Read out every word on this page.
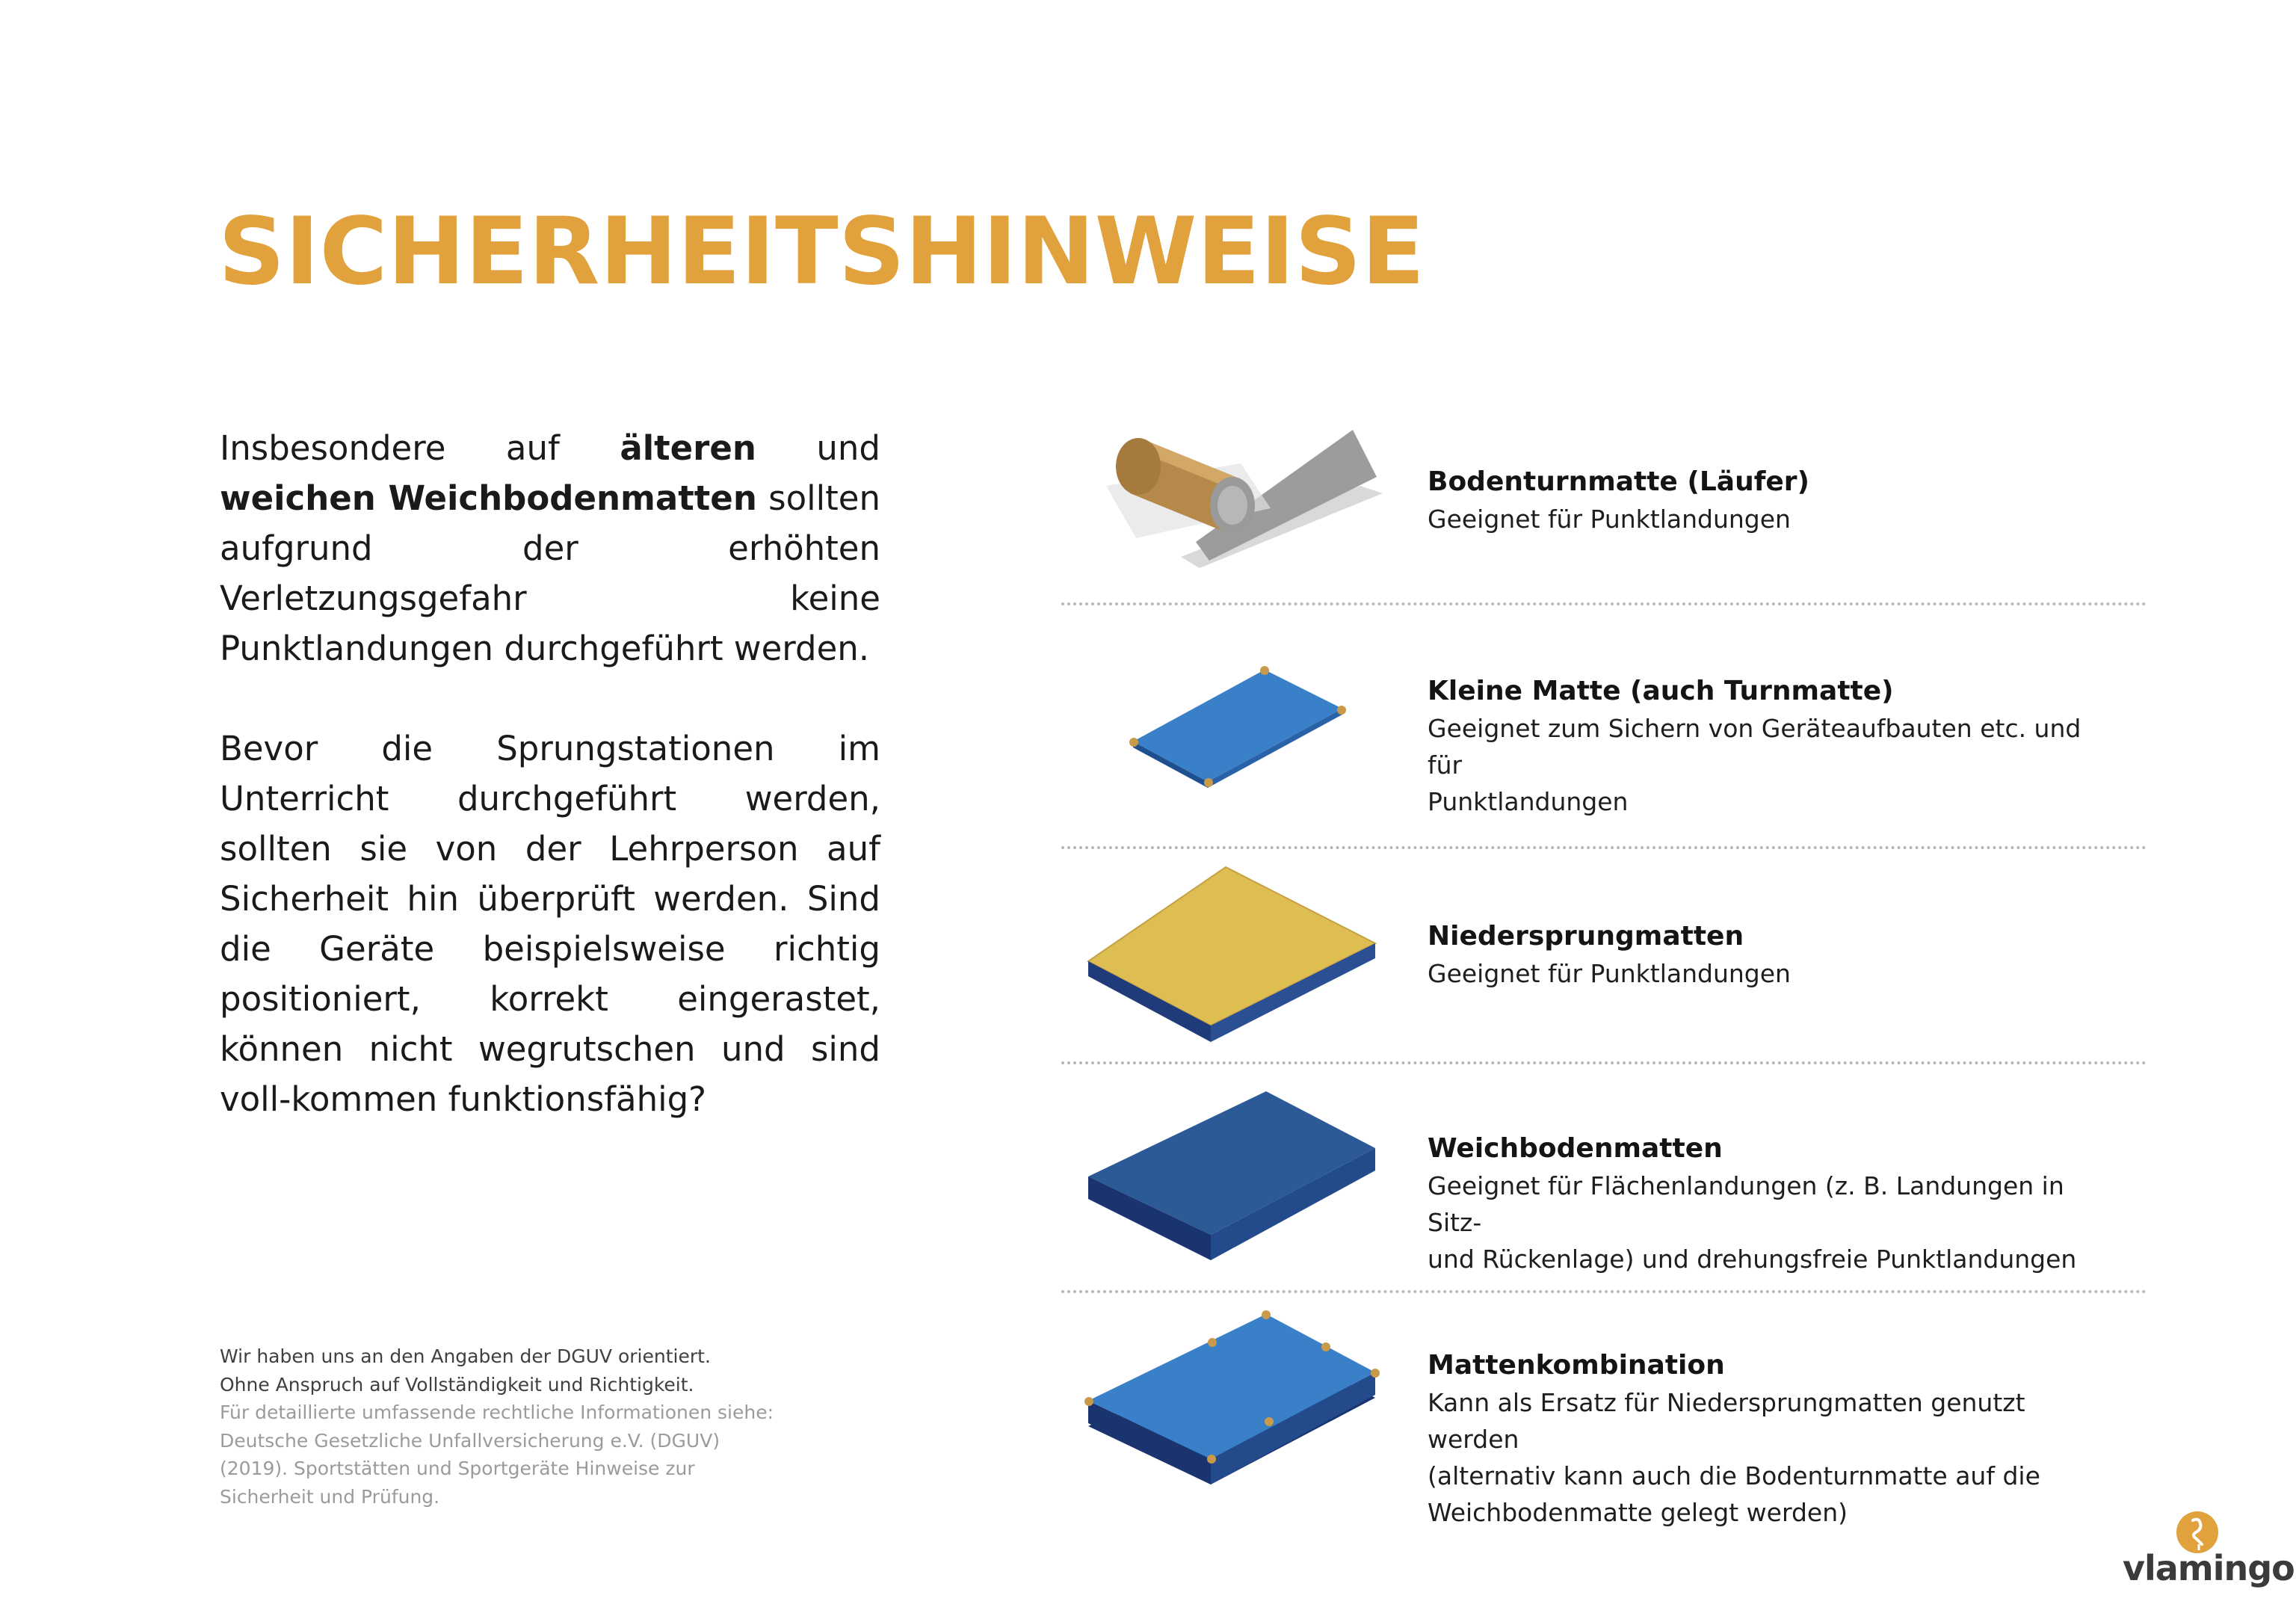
SICHERHEITSHINWEISE

Insbesondere auf älteren und weichen Weichbodenmatten sollten aufgrund der erhöhten Verletzungsgefahr keine Punktlandungen durchgeführt werden.

Bevor die Sprungstationen im Unterricht durchgeführt werden, sollten sie von der Lehrperson auf Sicherheit hin überprüft werden. Sind die Geräte beispielsweise richtig positioniert, korrekt eingerastet, können nicht wegrutschen und sind voll-kommen funktionsfähig?

Wir haben uns an den Angaben der DGUV orientiert.
Ohne Anspruch auf Vollständigkeit und Richtigkeit.
Für detaillierte umfassende rechtliche Informationen siehe: Deutsche Gesetzliche Unfallversicherung e.V. (DGUV) (2019). Sportstätten und Sportgeräte Hinweise zur Sicherheit und Prüfung.
Bodenturnmatte (Läufer)
Geeignet für Punktlandungen
Kleine Matte (auch Turnmatte)
Geeignet zum Sichern von Geräteaufbauten etc. und für
Punktlandungen
Niedersprungmatten
Geeignet für Punktlandungen
Weichbodenmatten
Geeignet für Flächenlandungen (z. B. Landungen in Sitz-
und Rückenlage) und drehungsfreie Punktlandungen
Mattenkombination
Kann als Ersatz für Niedersprungmatten genutzt werden
(alternativ kann auch die Bodenturnmatte auf die
Weichbodenmatte gelegt werden)
vlamingo
